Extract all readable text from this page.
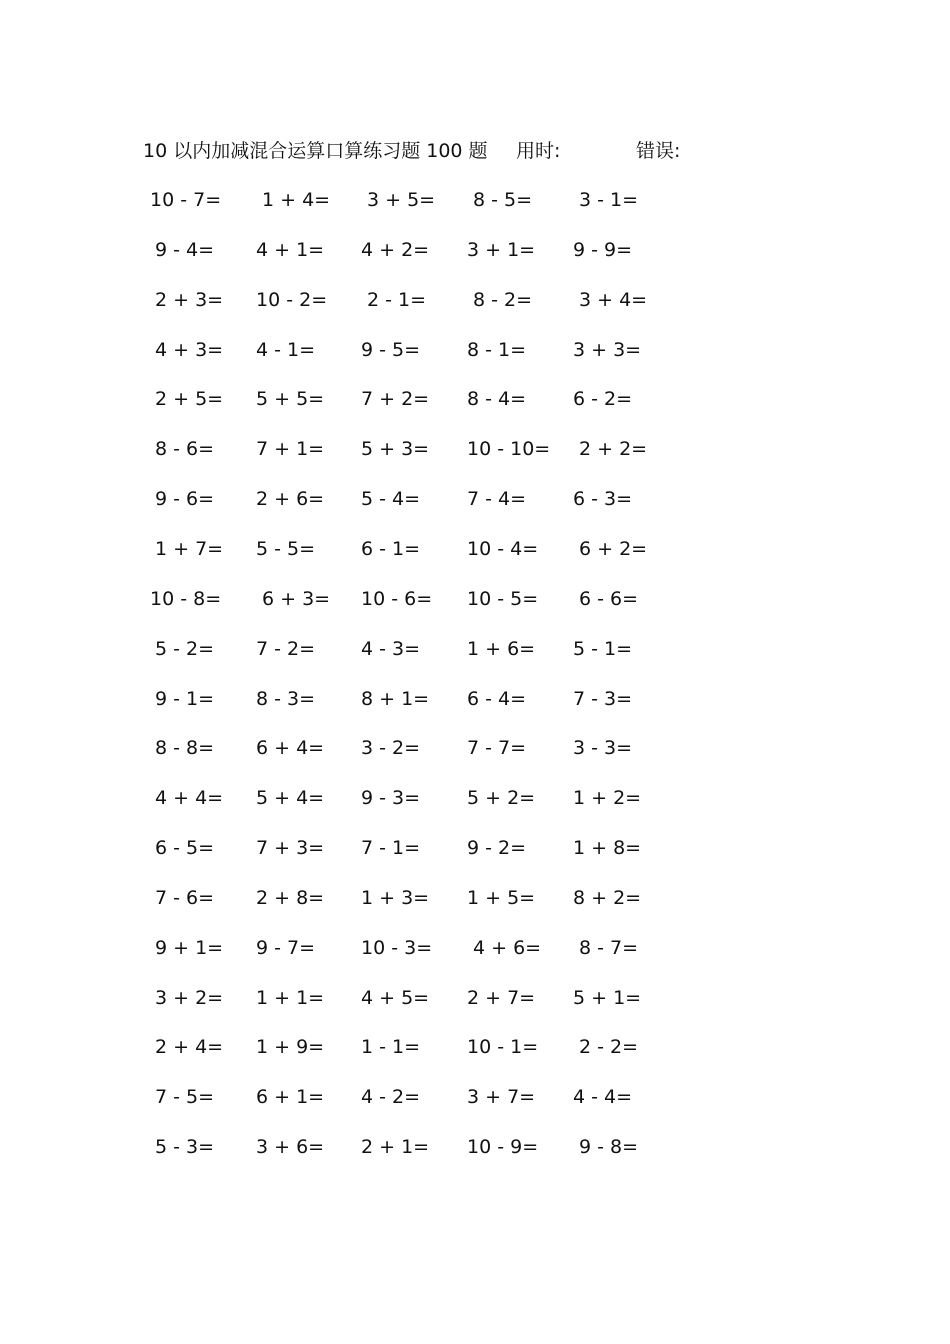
10 以内加减混合运算口算练习题 100 题 用时:	错误:
10 - 7= 1 + 4= 3 + 5= 8 - 5= 3 - 1=
9 - 4= 4 + 1= 4 + 2= 3 + 1= 9 - 9=
2 + 3= 10 - 2= 2 - 1= 8 - 2= 3 + 4=
4 + 3= 4 - 1= 9 - 5= 8 - 1= 3 + 3=
2 + 5= 5 + 5= 7 + 2= 8 - 4= 6 - 2=
8 - 6= 7 + 1= 5 + 3= 10 - 10= 2 + 2=
9 - 6= 2 + 6= 5 - 4= 7 - 4= 6 - 3=
1 + 7= 5 - 5= 6 - 1= 10 - 4= 6 + 2=
10 - 8= 6 + 3= 10 - 6= 10 - 5= 6 - 6=
5 - 2= 7 - 2= 4 - 3= 1 + 6= 5 - 1=
9 - 1= 8 - 3= 8 + 1= 6 - 4= 7 - 3=
8 - 8= 6 + 4= 3 - 2= 7 - 7= 3 - 3=
4 + 4= 5 + 4= 9 - 3= 5 + 2= 1 + 2=
6 - 5= 7 + 3= 7 - 1= 9 - 2= 1 + 8=
7 - 6= 2 + 8= 1 + 3= 1 + 5= 8 + 2=
9 + 1= 9 - 7= 10 - 3= 4 + 6= 8 - 7=
3 + 2= 1 + 1= 4 + 5= 2 + 7= 5 + 1=
2 + 4= 1 + 9= 1 - 1= 10 - 1= 2 - 2=
7 - 5= 6 + 1= 4 - 2= 3 + 7= 4 - 4=
5 - 3= 3 + 6= 2 + 1= 10 - 9= 9 - 8=
